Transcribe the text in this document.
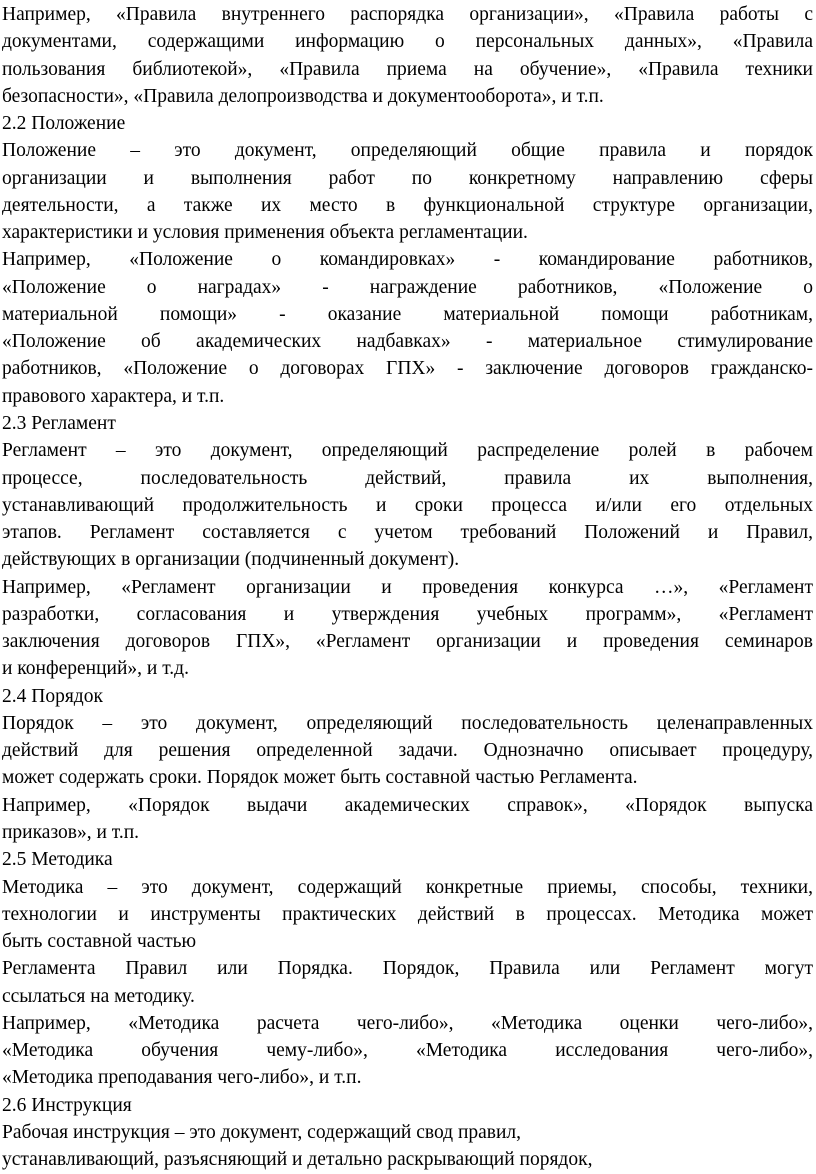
Например, «Правила внутреннего распорядка организации», «Правила работы с
документами, содержащими информацию о персональных данных», «Правила
пользования библиотекой», «Правила приема на обучение», «Правила техники
безопасности», «Правила делопроизводства и документооборота», и т.п.
2.2 Положение
Положение – это документ, определяющий общие правила и порядок
организации и выполнения работ по конкретному направлению сферы
деятельности, а также их место в функциональной структуре организации,
характеристики и условия применения объекта регламентации.
Например, «Положение о командировках» - командирование работников,
«Положение о наградах» - награждение работников, «Положение о
материальной помощи» - оказание материальной помощи работникам,
«Положение об академических надбавках» - материальное стимулирование
работников, «Положение о договорах ГПХ» - заключение договоров гражданско-
правового характера, и т.п.
2.3 Регламент
Регламент – это документ, определяющий распределение ролей в рабочем
процессе, последовательность действий, правила их выполнения,
устанавливающий продолжительность и сроки процесса и/или его отдельных
этапов. Регламент составляется с учетом требований Положений и Правил,
действующих в организации (подчиненный документ).
Например, «Регламент организации и проведения конкурса …», «Регламент
разработки, согласования и утверждения учебных программ», «Регламент
заключения договоров ГПХ», «Регламент организации и проведения семинаров
и конференций», и т.д.
2.4 Порядок
Порядок – это документ, определяющий последовательность целенаправленных
действий для решения определенной задачи. Однозначно описывает процедуру,
может содержать сроки. Порядок может быть составной частью Регламента.
Например, «Порядок выдачи академических справок», «Порядок выпуска
приказов», и т.п.
2.5 Методика
Методика – это документ, содержащий конкретные приемы, способы, техники,
технологии и инструменты практических действий в процессах. Методика может
быть составной частью
Регламента Правил или Порядка. Порядок, Правила или Регламент могут
ссылаться на методику.
Например, «Методика расчета чего-либо», «Методика оценки чего-либо»,
«Методика обучения чему-либо», «Методика исследования чего-либо»,
«Методика преподавания чего-либо», и т.п.
2.6 Инструкция
Рабочая инструкция – это документ, содержащий свод правил,
устанавливающий, разъясняющий и детально раскрывающий порядок,
